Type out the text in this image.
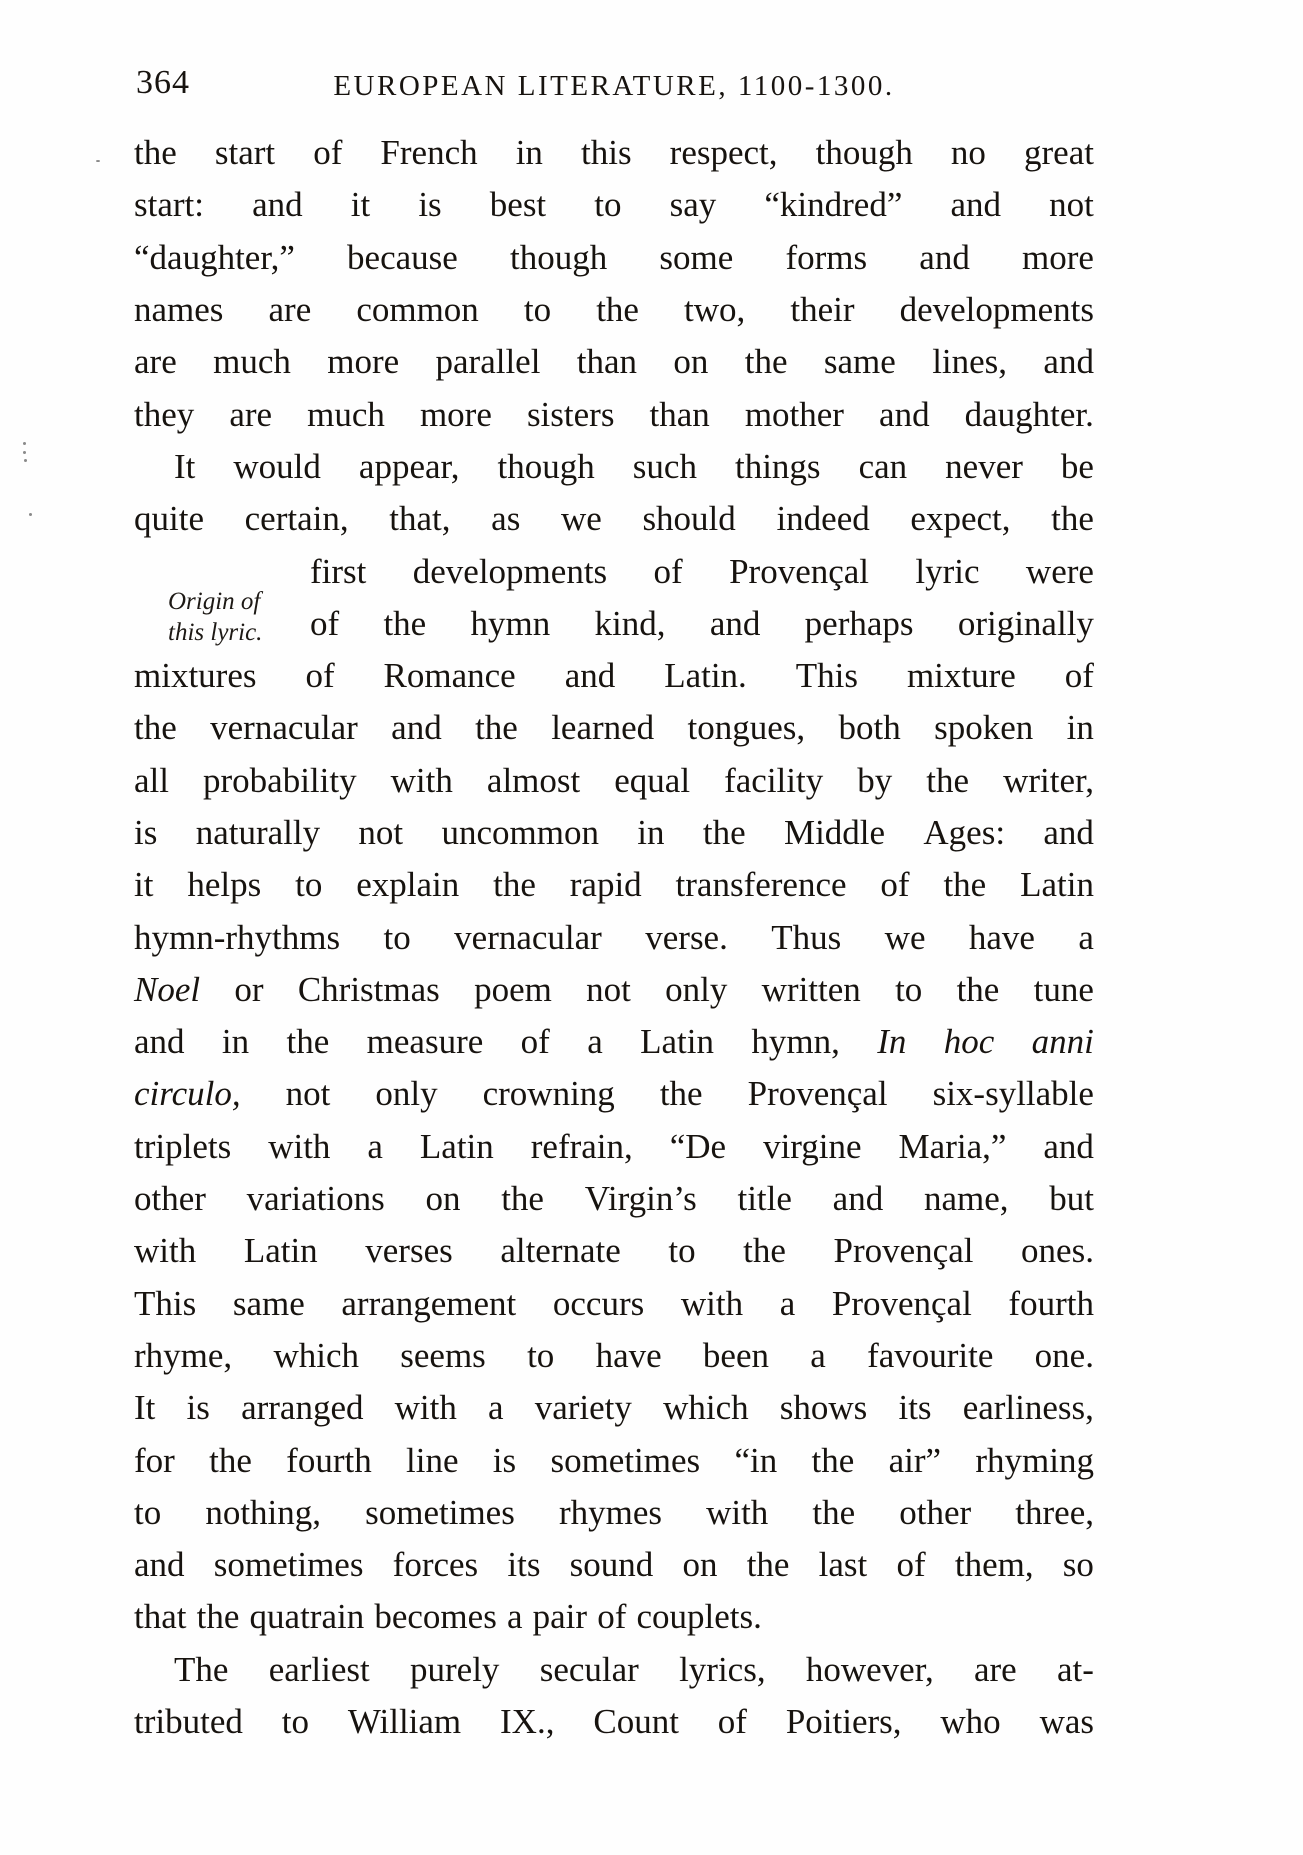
364	EUROPEAN LITERATURE, 1100-1300.
the start of French in this respect, though no great
start: and it is best to say “kindred” and not
“daughter,” because though some forms and more
names are common to the two, their developments
are much more parallel than on the same lines, and
they are much more sisters than mother and daughter.
It would appear, though such things can never be
quite certain, that, as we should indeed expect, the
first developments of Provençal lyric were
of the hymn kind, and perhaps originally
mixtures of Romance and Latin. This mixture of
the vernacular and the learned tongues, both spoken in
all probability with almost equal facility by the writer,
is naturally not uncommon in the Middle Ages: and
it helps to explain the rapid transference of the Latin
hymn-rhythms to vernacular verse. Thus we have a
Noel or Christmas poem not only written to the tune
and in the measure of a Latin hymn, In hoc anni
circulo, not only crowning the Provençal six-syllable
triplets with a Latin refrain, “De virgine Maria,” and
other variations on the Virgin’s title and name, but
with Latin verses alternate to the Provençal ones.
This same arrangement occurs with a Provençal fourth
rhyme, which seems to have been a favourite one.
It is arranged with a variety which shows its earliness,
for the fourth line is sometimes “in the air” rhyming
to nothing, sometimes rhymes with the other three,
and sometimes forces its sound on the last of them, so
that the quatrain becomes a pair of couplets.
The earliest purely secular lyrics, however, are at-
tributed to William IX., Count of Poitiers, who was
Origin of
this lyric.
